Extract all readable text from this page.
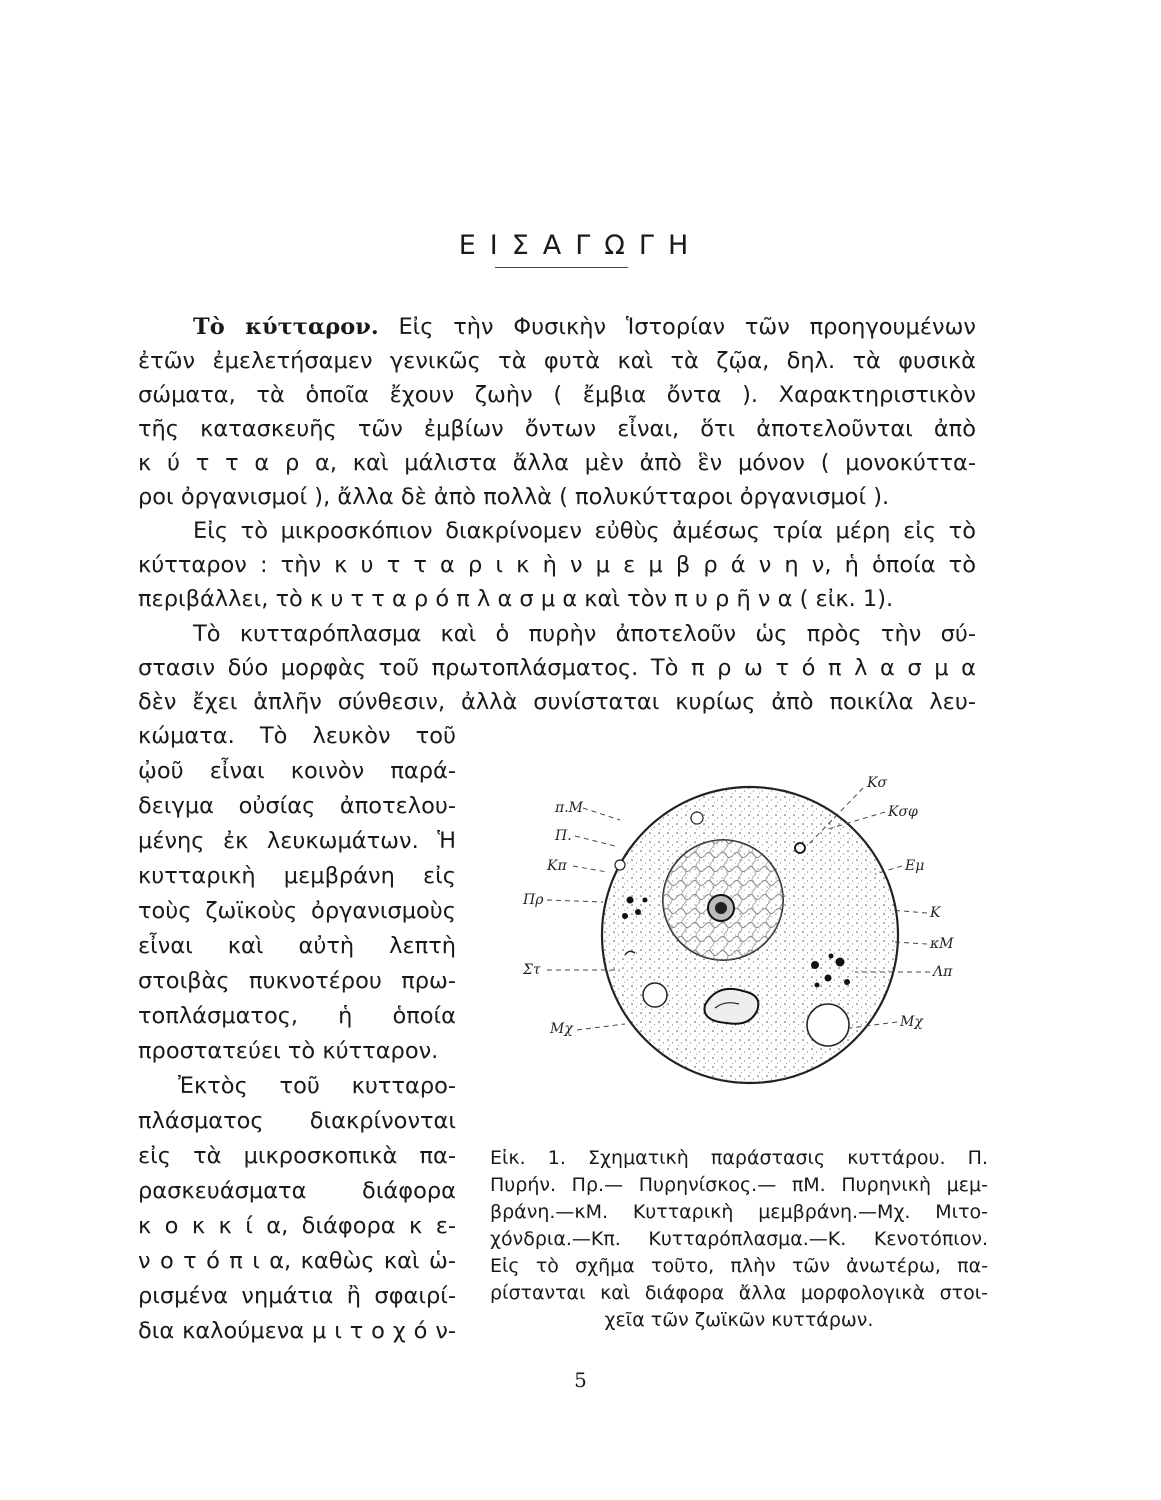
ΕΙΣΑΓΩΓΗ
Τὸ κύτταρον. Εἰς τὴν Φυσικὴν Ἱστορίαν τῶν προηγουμένων
ἐτῶν ἐμελετήσαμεν γενικῶς τὰ φυτὰ καὶ τὰ ζῷα, δηλ. τὰ φυσικὰ
σώματα, τὰ ὁποῖα ἔχουν ζωὴν ( ἔμβια ὄντα ). Χαρακτηριστικὸν
τῆς κατασκευῆς τῶν ἐμβίων ὄντων εἶναι, ὅτι ἀποτελοῦνται ἀπὸ
κ ύ τ τ α ρ α, καὶ μάλιστα ἄλλα μὲν ἀπὸ ἓν μόνον ( μονοκύττα-
ροι ὀργανισμοί ), ἄλλα δὲ ἀπὸ πολλὰ ( πολυκύτταροι ὀργανισμοί ).
Εἰς τὸ μικροσκόπιον διακρίνομεν εὐθὺς ἀμέσως τρία μέρη εἰς τὸ
κύτταρον : τὴν κ υ τ τ α ρ ι κ ὴ ν μ ε μ β ρ ά ν η ν, ἡ ὁποία τὸ
περιβάλλει, τὸ κ υ τ τ α ρ ό π λ α σ μ α καὶ τὸν π υ ρ ῆ ν α ( εἰκ. 1).
Τὸ κυτταρόπλασμα καὶ ὁ πυρὴν ἀποτελοῦν ὡς πρὸς τὴν σύ-
στασιν δύο μορφὰς τοῦ πρωτοπλάσματος. Τὸ π ρ ω τ ό π λ α σ μ α
δὲν ἔχει ἁπλῆν σύνθεσιν, ἀλλὰ συνίσταται κυρίως ἀπὸ ποικίλα λευ-
κώματα. Τὸ λευκὸν τοῦ
ᾠοῦ εἶναι κοινὸν παρά-
δειγμα οὐσίας ἀποτελου-
μένης ἐκ λευκωμάτων. Ἡ
κυτταρικὴ μεμβράνη εἰς
τοὺς ζωϊκοὺς ὀργανισμοὺς
εἶναι καὶ αὐτὴ λεπτὴ
στοιβὰς πυκνοτέρου πρω-
τοπλάσματος, ἡ ὁποία
προστατεύει τὸ κύτταρον.
Ἐκτὸς τοῦ κυτταρο-
πλάσματος διακρίνονται
εἰς τὰ μικροσκοπικὰ πα-
ρασκευάσματα διάφορα
κ ο κ κ ί α, διάφορα κ ε-
ν ο τ ό π ι α, καθὼς καὶ ὡ-
ρισμένα νημάτια ἢ σφαιρί-
δια καλούμενα μ ι τ ο χ ό ν-
π.Μ
Π.
Κπ
Πρ
Στ
Μχ
Κσ
Κσφ
Εμ
Κ
κΜ
Λπ
Μχ
Εἰκ. 1. Σχηματικὴ παράστασις κυττάρου. Π.
Πυρήν. Πρ.— Πυρηνίσκος.— πΜ. Πυρηνικὴ μεμ-
βράνη.—κΜ. Κυτταρικὴ μεμβράνη.—Μχ. Μιτο-
χόνδρια.—Κπ. Κυτταρόπλασμα.—Κ. Κενοτόπιον.
Εἰς τὸ σχῆμα τοῦτο, πλὴν τῶν ἀνωτέρω, πα-
ρίστανται καὶ διάφορα ἄλλα μορφολογικὰ στοι-
χεῖα τῶν ζωϊκῶν κυττάρων.
5
